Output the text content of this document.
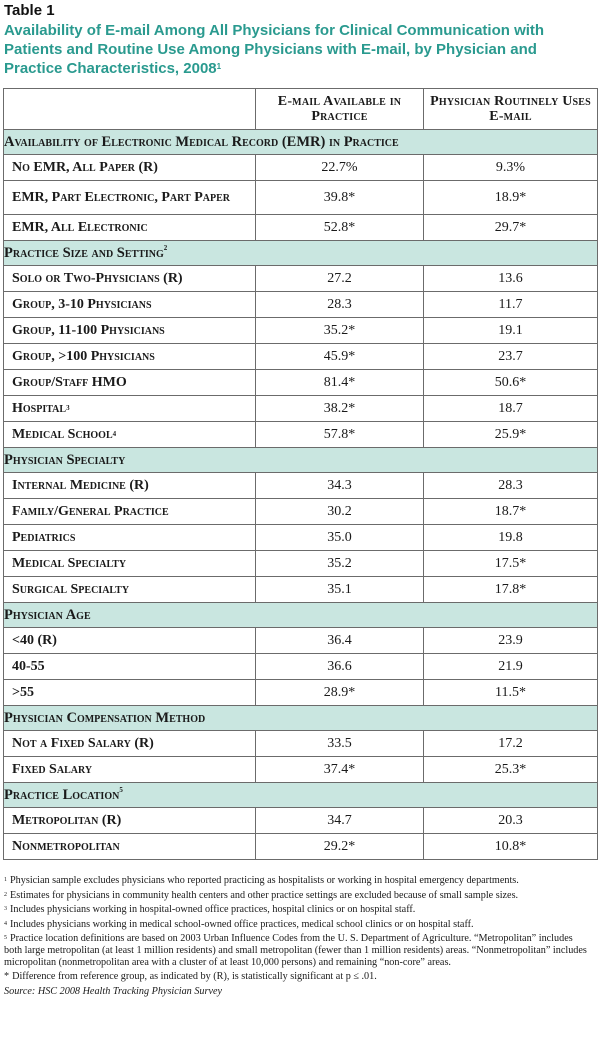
Table 1
Availability of E-mail Among All Physicians for Clinical Communication with Patients and Routine Use Among Physicians with E-mail, by Physician and Practice Characteristics, 2008$^1$
	E-mail Available in Practice	Physician Routinely Uses E-mail
Availability of Electronic Medical Record (EMR) in Practice		
No EMR, All Paper (R)	22.7%	9.3%
EMR, Part Electronic, Part Paper	39.8*	18.9*
EMR, All Electronic	52.8*	29.7*
Practice Size and Setting$^2$
Solo or Two-Physicians (R)	27.2	13.6
Group, 3-10 Physicians	28.3	11.7
Group, 11-100 Physicians	35.2*	19.1
Group, >100 Physicians	45.9*	23.7
Group/Staff HMO	81.4*	50.6*
Hospital$^3$	38.2*	18.7
Medical School$^4$	57.8*	25.9*
Physician Specialty		
Internal Medicine (R)	34.3	28.3
Family/General Practice	30.2	18.7*
Pediatrics	35.0	19.8
Medical Specialty	35.2	17.5*
Surgical Specialty	35.1	17.8*
Physician Age		
<40 (R)	36.4	23.9
40-55	36.6	21.9
>55	28.9*	11.5*
Physician Compensation Method		
Not a Fixed Salary (R)	33.5	17.2
Fixed Salary	37.4*	25.3*
Practice Location$^5$
Metropolitan (R)	34.7	20.3
Nonmetropolitan	29.2*	10.8*
$^1$ Physician sample excludes physicians who reported practicing as hospitalists or working in hospital emergency departments.
$^2$ Estimates for physicians in community health centers and other practice settings are excluded because of small sample sizes.
$^3$ Includes physicians working in hospital-owned office practices, hospital clinics or on hospital staff.
$^4$ Includes physicians working in medical school-owned office practices, medical school clinics or on hospital staff.
$^5$ Practice location definitions are based on 2003 Urban Influence Codes from the U. S. Department of Agriculture. “Metropolitan” includes both large metropolitan (at least 1 million residents) and small metropolitan (fewer than 1 million residents) areas. “Nonmetropolitan” includes micropolitan (nonmetropolitan area with a cluster of at least 10,000 persons) and remaining “non-core” areas.
* Difference from reference group, as indicated by (R), is statistically significant at p ≤ .01.
Source: HSC 2008 Health Tracking Physician Survey
